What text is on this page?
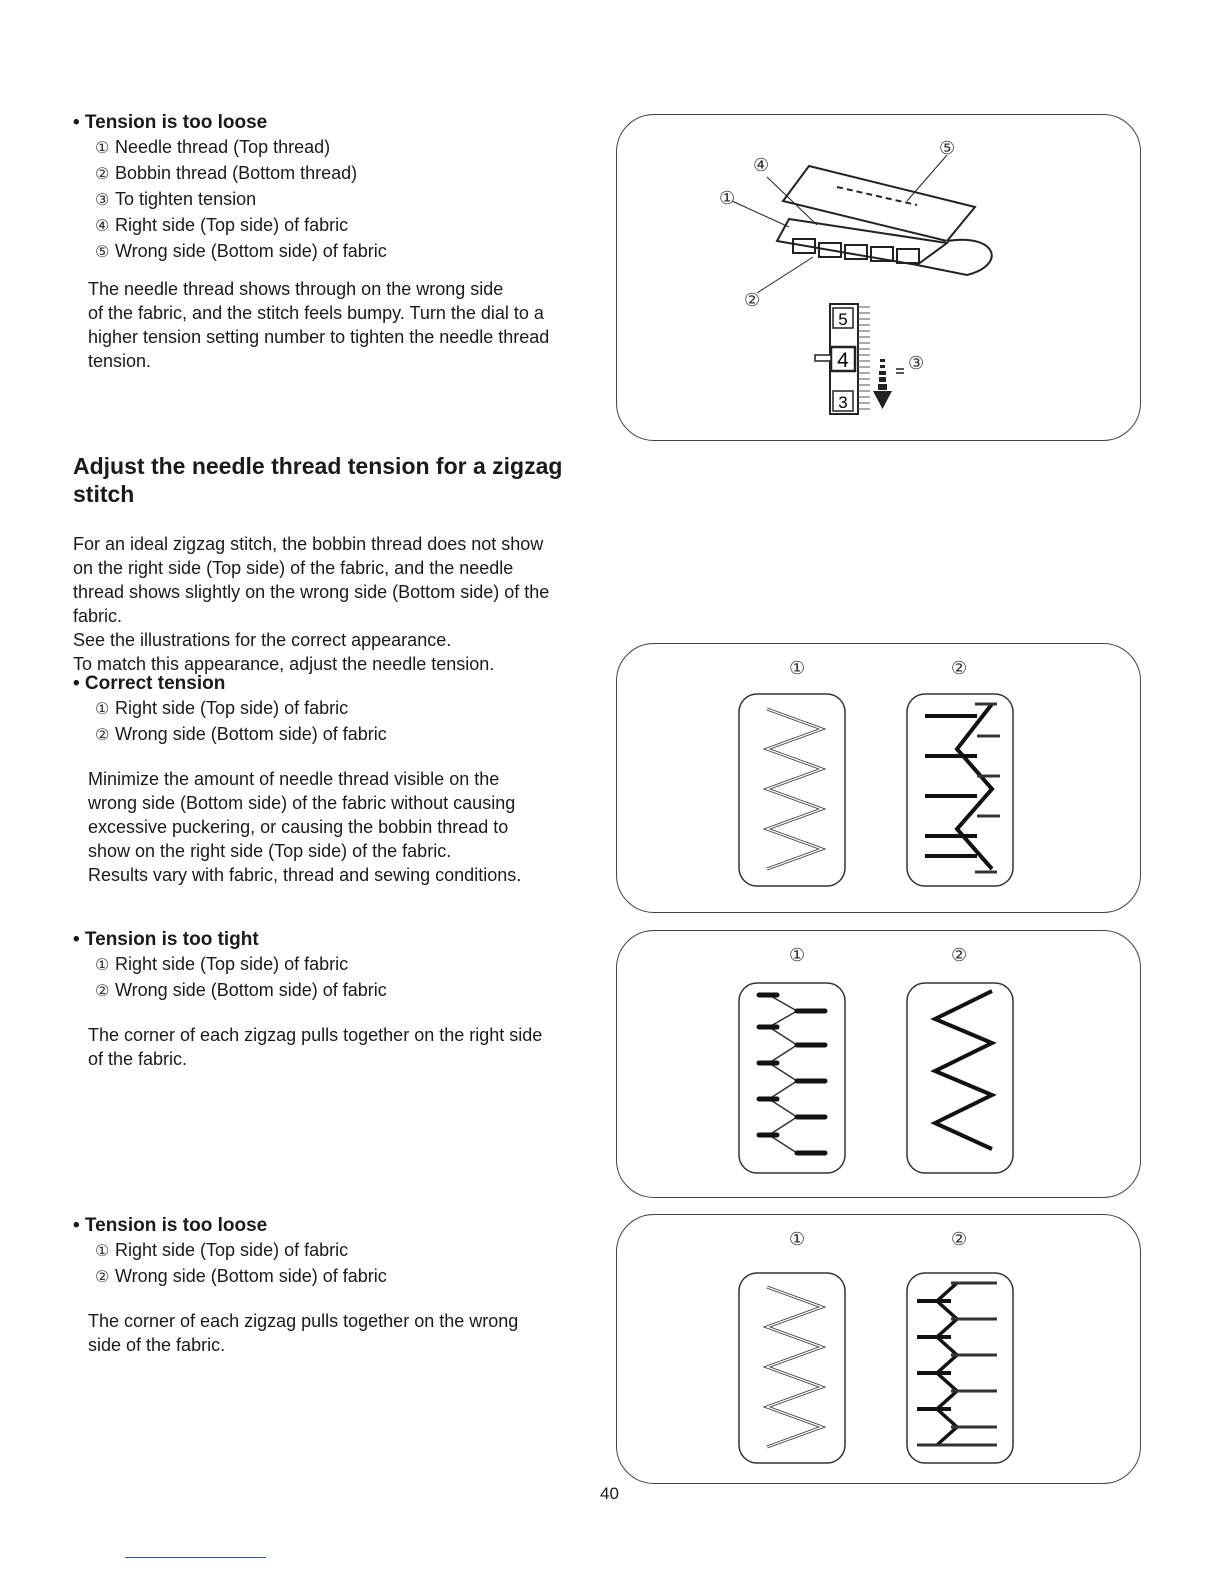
• Tension is too loose

① Needle thread (Top thread)

② Bobbin thread (Bottom thread)

③ To tighten tension

④ Right side (Top side) of fabric

⑤ Wrong side (Bottom side) of fabric

The needle thread shows through on the wrong side

of the fabric, and the stitch feels bumpy. Turn the dial to a

higher tension setting number to tighten the needle thread

tension.

5
4
3
①
②
③
④
⑤

Adjust the needle thread tension for a zigzag

stitch

For an ideal zigzag stitch, the bobbin thread does not show

on the right side (Top side) of the fabric, and the needle

thread shows slightly on the wrong side (Bottom side) of the

fabric.

See the illustrations for the correct appearance.

To match this appearance, adjust the needle tension.

• Correct tension

① Right side (Top side) of fabric

② Wrong side (Bottom side) of fabric

Minimize the amount of needle thread visible on the

wrong side (Bottom side) of the fabric without causing

excessive puckering, or causing the bobbin thread to

show on the right side (Top side) of the fabric.

Results vary with fabric, thread and sewing conditions.

①	②

• Tension is too tight

① Right side (Top side) of fabric

② Wrong side (Bottom side) of fabric

The corner of each zigzag pulls together on the right side

of the fabric.

①	②

• Tension is too loose

① Right side (Top side) of fabric

② Wrong side (Bottom side) of fabric

The corner of each zigzag pulls together on the wrong

side of the fabric.

①	②
40
